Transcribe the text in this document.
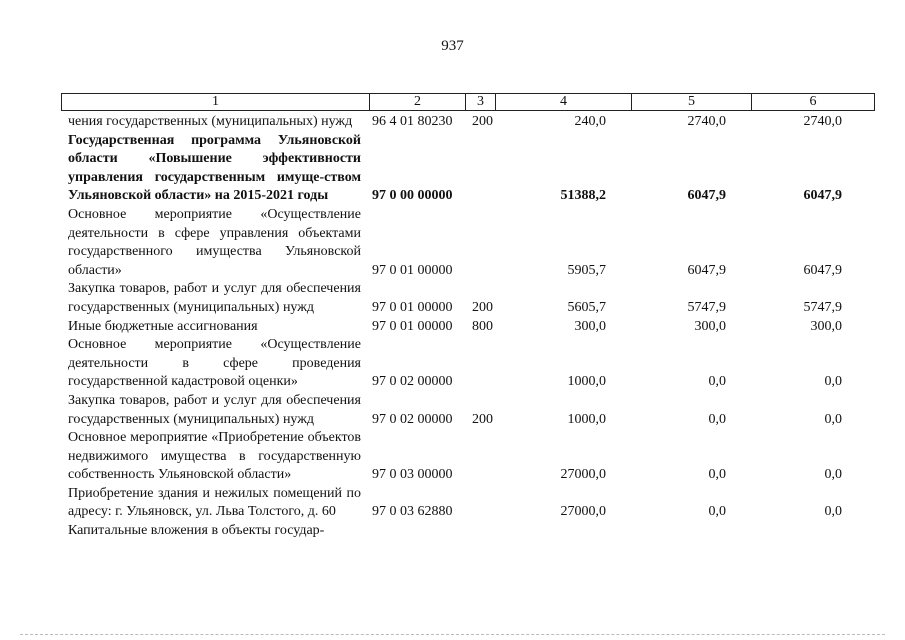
937
1	2	3	4	5	6
чения государственных (муниципальных) нужд	96 4 01 80230 200	240,0	2740,0	2740,0
Государственная программа Ульяновской области «Повышение эффективности управления государственным имуще-ством Ульяновской области» на 2015-2021 годы	97 0 00 00000	51388,2	6047,9	6047,9
Основное мероприятие «Осуществление деятельности в сфере управления объектами государственного имущества Ульяновской области»	97 0 01 00000	5905,7	6047,9	6047,9
Закупка товаров, работ и услуг для обеспечения государственных (муниципальных) нужд	97 0 01 00000 200	5605,7	5747,9	5747,9
Иные бюджетные ассигнования	97 0 01 00000 800	300,0	300,0	300,0
Основное мероприятие «Осуществление деятельности в сфере проведения государственной кадастровой оценки»	97 0 02 00000	1000,0	0,0	0,0
Закупка товаров, работ и услуг для обеспечения государственных (муниципальных) нужд	97 0 02 00000 200	1000,0	0,0	0,0
Основное мероприятие «Приобретение объектов недвижимого имущества в государственную собственность Ульяновской области»	97 0 03 00000	27000,0	0,0	0,0
Приобретение здания и нежилых помещений по адресу: г. Ульяновск, ул. Льва Толстого, д. 60	97 0 03 62880	27000,0	0,0	0,0
Капитальные вложения в объекты государ-
